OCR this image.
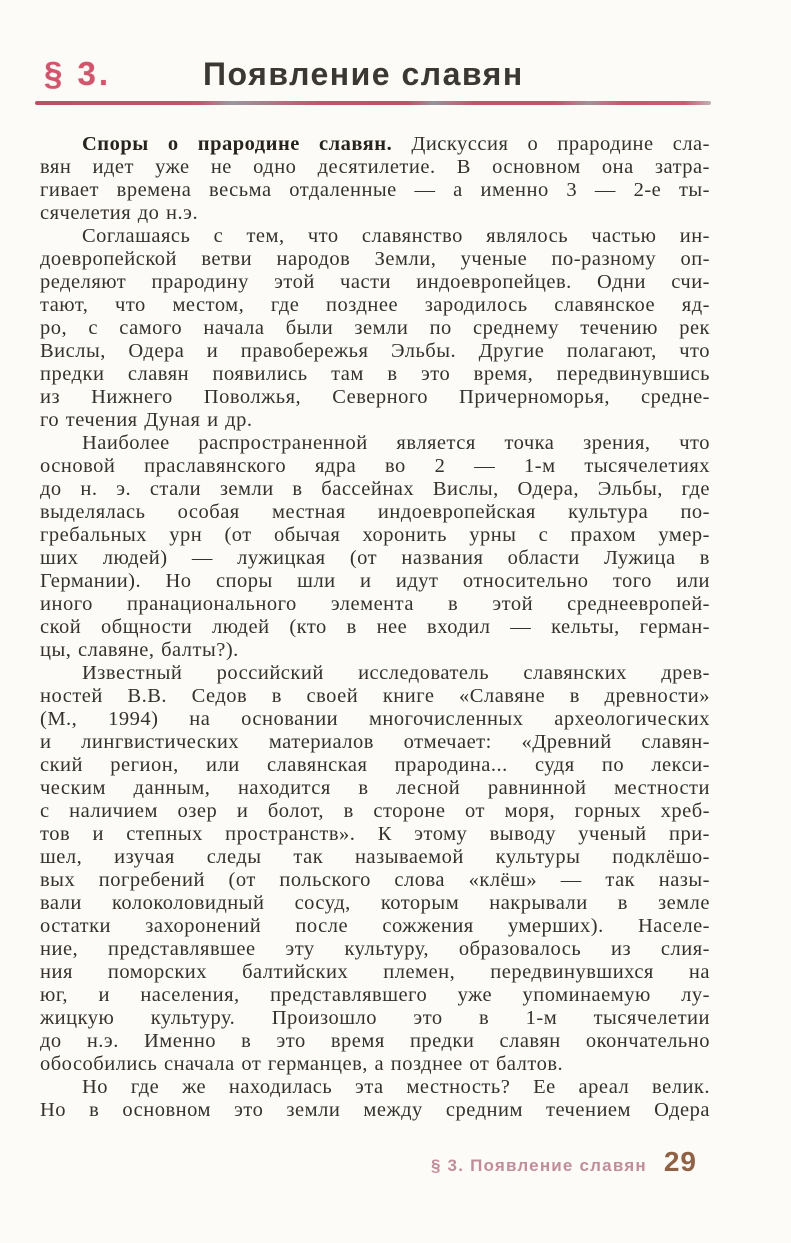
§ 3.	Появление славян
Споры о прародине славян. Дискуссия о прародине сла-
вян идет уже не одно десятилетие. В основном она затра-
гивает времена весьма отдаленные — а именно 3 — 2-е ты-
сячелетия до н.э.
Соглашаясь с тем, что славянство являлось частью ин-
доевропейской ветви народов Земли, ученые по-разному оп-
ределяют прародину этой части индоевропейцев. Одни счи-
тают, что местом, где позднее зародилось славянское яд-
ро, с самого начала были земли по среднему течению рек
Вислы, Одера и правобережья Эльбы. Другие полагают, что
предки славян появились там в это время, передвинувшись
из Нижнего Поволжья, Северного Причерноморья, средне-
го течения Дуная и др.
Наиболее распространенной является точка зрения, что
основой праславянского ядра во 2 — 1-м тысячелетиях
до н. э. стали земли в бассейнах Вислы, Одера, Эльбы, где
выделялась особая местная индоевропейская культура по-
гребальных урн (от обычая хоронить урны с прахом умер-
ших людей) — лужицкая (от названия области Лужица в
Германии). Но споры шли и идут относительно того или
иного пранационального элемента в этой среднеевропей-
ской общности людей (кто в нее входил — кельты, герман-
цы, славяне, балты?).
Известный российский исследователь славянских древ-
ностей В.В. Седов в своей книге «Славяне в древности»
(М., 1994) на основании многочисленных археологических
и лингвистических материалов отмечает: «Древний славян-
ский регион, или славянская прародина... судя по лекси-
ческим данным, находится в лесной равнинной местности
с наличием озер и болот, в стороне от моря, горных хреб-
тов и степных пространств». К этому выводу ученый при-
шел, изучая следы так называемой культуры подклёшо-
вых погребений (от польского слова «клёш» — так назы-
вали колоколовидный сосуд, которым накрывали в земле
остатки захоронений после сожжения умерших). Населе-
ние, представлявшее эту культуру, образовалось из слия-
ния поморских балтийских племен, передвинувшихся на
юг, и населения, представлявшего уже упоминаемую лу-
жицкую культуру. Произошло это в 1-м тысячелетии
до н.э. Именно в это время предки славян окончательно
обособились сначала от германцев, а позднее от балтов.
Но где же находилась эта местность? Ее ареал велик.
Но в основном это земли между средним течением Одера
§ 3. Появление славян 29
